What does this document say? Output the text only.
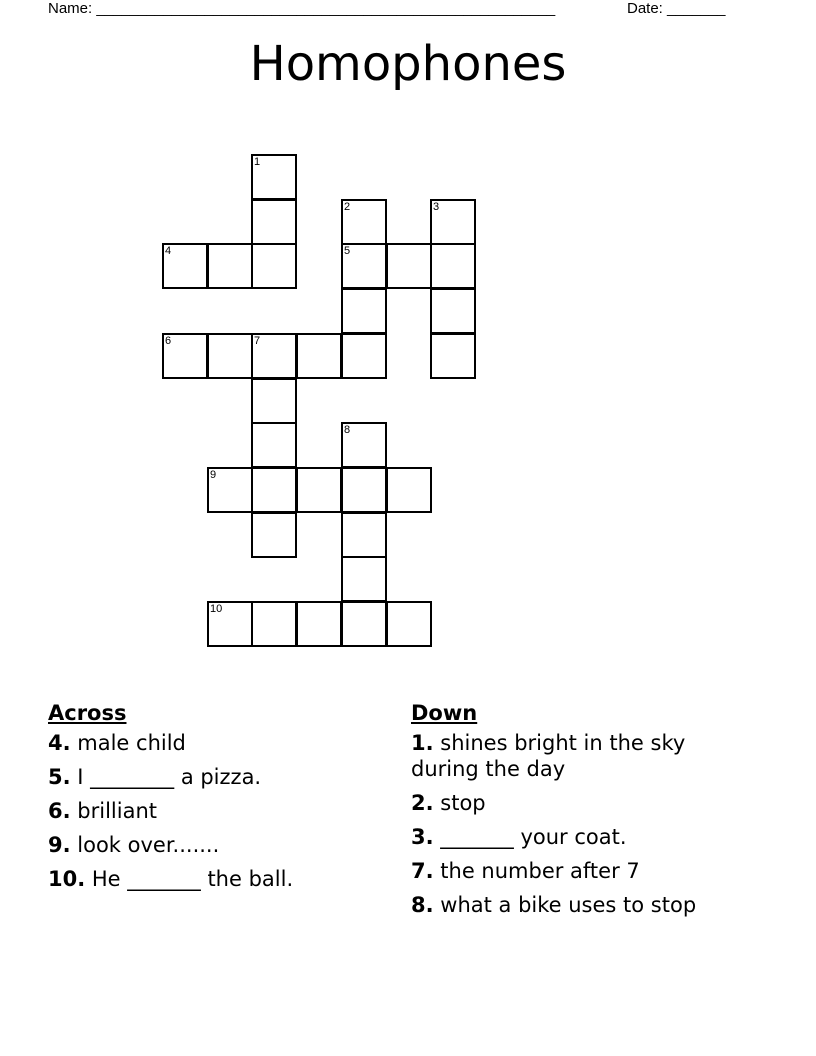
Name: _______________________________________________________

	Date: _______

Homophones
1
2	3
4	5
6	7
8
9
10
Across
4. male child
5. I ________ a pizza.
6. brilliant
9. look over.......
10. He _______ the ball.
Down
1. shines bright in the sky during the day
2. stop
3. _______ your coat.
7. the number after 7
8. what a bike uses to stop
